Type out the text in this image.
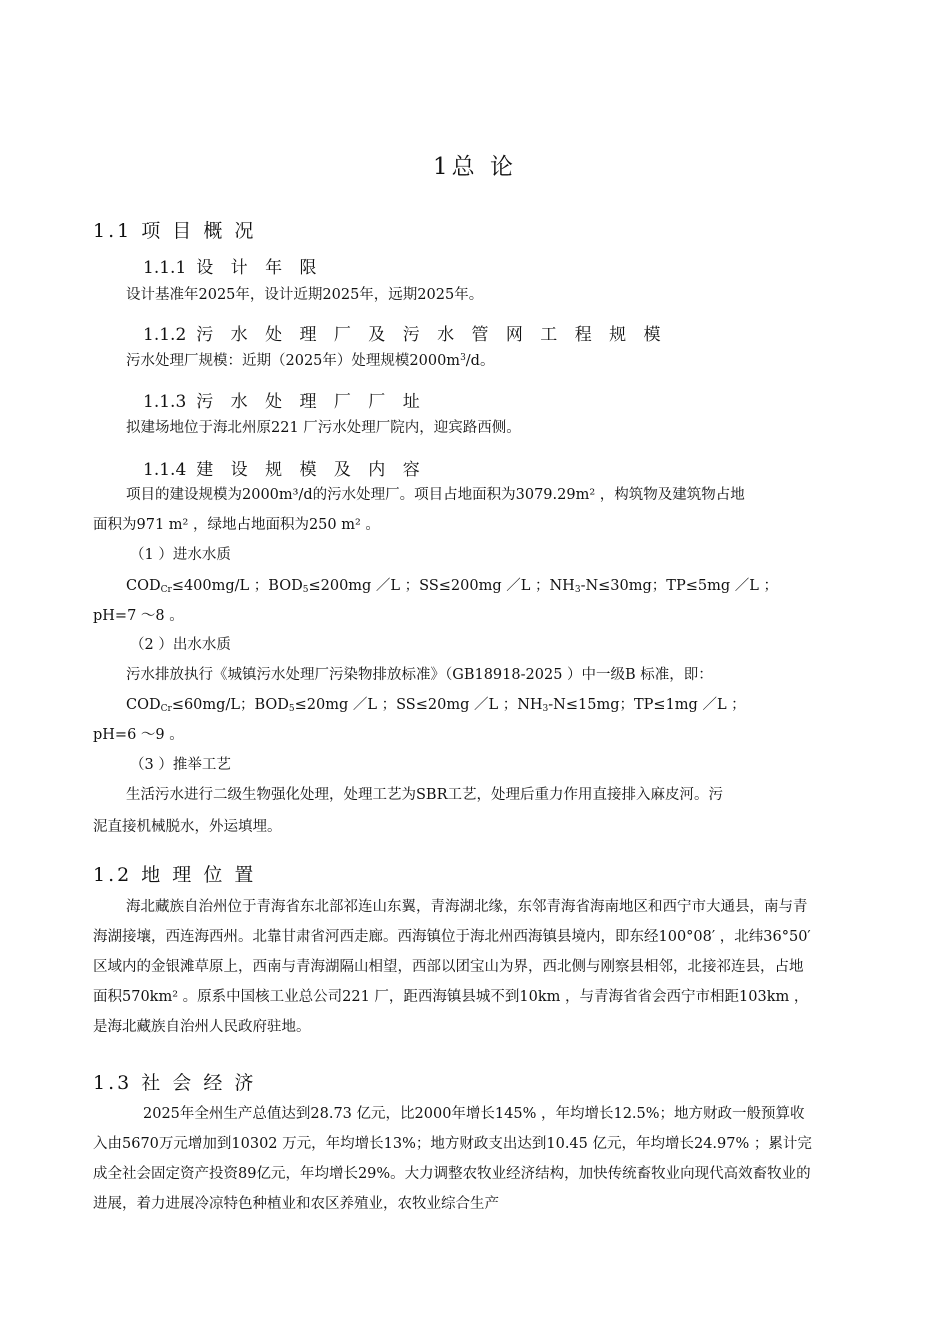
1总 论
1.1 项 目 概 况
1.1.1 设 计 年 限
设计基准年2025年，设计近期2025年，远期2025年。
1.1.2 污 水 处 理 厂 及 污 水 管 网 工 程 规 模
污水处理厂规模：近期（2025年）处理规模$2000m^3/d$。
1.1.3 污 水 处 理 厂 厂 址
拟建场地位于海北州原221 厂污水处理厂院内，迎宾路西侧。
1.1.4 建 设 规 模 及 内 容
项目的建设规模为2000m³/d的污水处理厂。项目占地面积为3079.29m² ，构筑物及建筑物占地
面积为971 m² ，绿地占地面积为250 m² 。
（1 ）进水水质
$COD_{Cr}\le 400mg/L$ ；$BOD_5\le 200mg$ ／L ；SS≤200mg ／L ；$NH_3-N\le 30mg$；TP≤5mg ／L ；
pH=7 ～8 。
（2 ）出水水质
污水排放执行《城镇污水处理厂污染物排放标准》（GB18918-2025 ）中一级B 标准，即：
$COD_{Cr}\le 60mg/L$；$BOD_5\le 20mg$ ／L ；SS≤20mg ／L ；$NH_3-N\le 15mg$；TP≤1mg ／L ；
pH=6 ～9 。
（3 ）推举工艺
生活污水进行二级生物强化处理，处理工艺为SBR工艺，处理后重力作用直接排入麻皮河。污
泥直接机械脱水，外运填埋。
1.2 地 理 位 置
海北藏族自治州位于青海省东北部祁连山东翼，青海湖北缘，东邻青海省海南地区和西宁市大通县，南与青海湖接壤，西连海西州。北靠甘肃省河西走廊。西海镇位于海北州西海镇县境内，即东经100°08′ ，北纬36°50′ 区域内的金银滩草原上，西南与青海湖隔山相望，西部以团宝山为界，西北侧与刚察县相邻，北接祁连县，占地面积570km² 。原系中国核工业总公司221 厂，距西海镇县城不到10km ，与青海省省会西宁市相距103km ，是海北藏族自治州人民政府驻地。
1.3 社 会 经 济
2025年全州生产总值达到28.73 亿元，比2000年增长145% ，年均增长12.5%；地方财政一般预算收入由5670万元增加到10302 万元，年均增长13%；地方财政支出达到10.45 亿元，年均增长24.97% ；累计完成全社会固定资产投资89亿元，年均增长29%。大力调整农牧业经济结构，加快传统畜牧业向现代高效畜牧业的进展，着力进展冷凉特色种植业和农区养殖业，农牧业综合生产
